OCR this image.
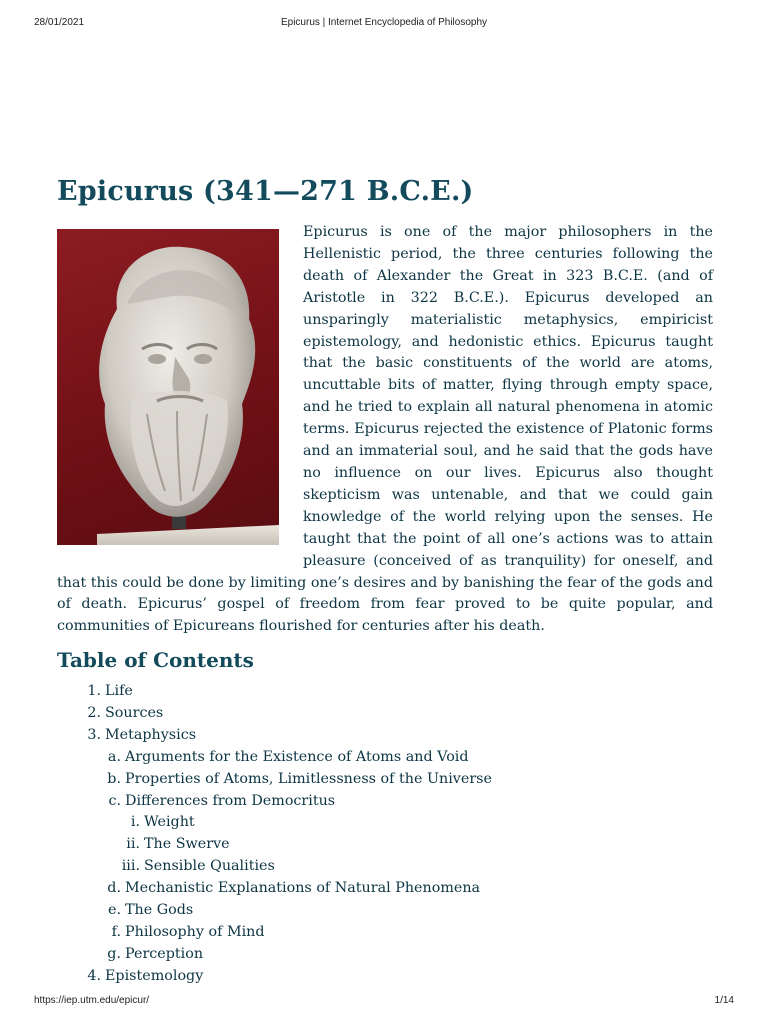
28/01/2021	Epicurus | Internet Encyclopedia of Philosophy
Epicurus (341—271 B.C.E.)

Epicurus is one of the major philosophers in the Hellenistic period, the three centuries following the death of Alexander the Great in 323 B.C.E. (and of Aristotle in 322 B.C.E.). Epicurus developed an unsparingly materialistic metaphysics, empiricist epistemology, and hedonistic ethics. Epicurus taught that the basic constituents of the world are atoms, uncuttable bits of matter, flying through empty space, and he tried to explain all natural phenomena in atomic terms. Epicurus rejected the existence of Platonic forms and an immaterial soul, and he said that the gods have no influence on our lives. Epicurus also thought skepticism was untenable, and that we could gain knowledge of the world relying upon the senses. He taught that the point of all one’s actions was to attain pleasure (conceived of as tranquility) for oneself, and that this could be done by limiting one’s desires and by banishing the fear of the gods and of death. Epicurus’ gospel of freedom from fear proved to be quite popular, and communities of Epicureans flourished for centuries after his death.

Table of Contents
1. Life
2. Sources
3. Metaphysics
a. Arguments for the Existence of Atoms and Void
b. Properties of Atoms, Limitlessness of the Universe
c. Differences from Democritus
i. Weight
ii. The Swerve
iii. Sensible Qualities
d. Mechanistic Explanations of Natural Phenomena
e. The Gods
f. Philosophy of Mind
g. Perception
4. Epistemology
https://iep.utm.edu/epicur/	1/14
